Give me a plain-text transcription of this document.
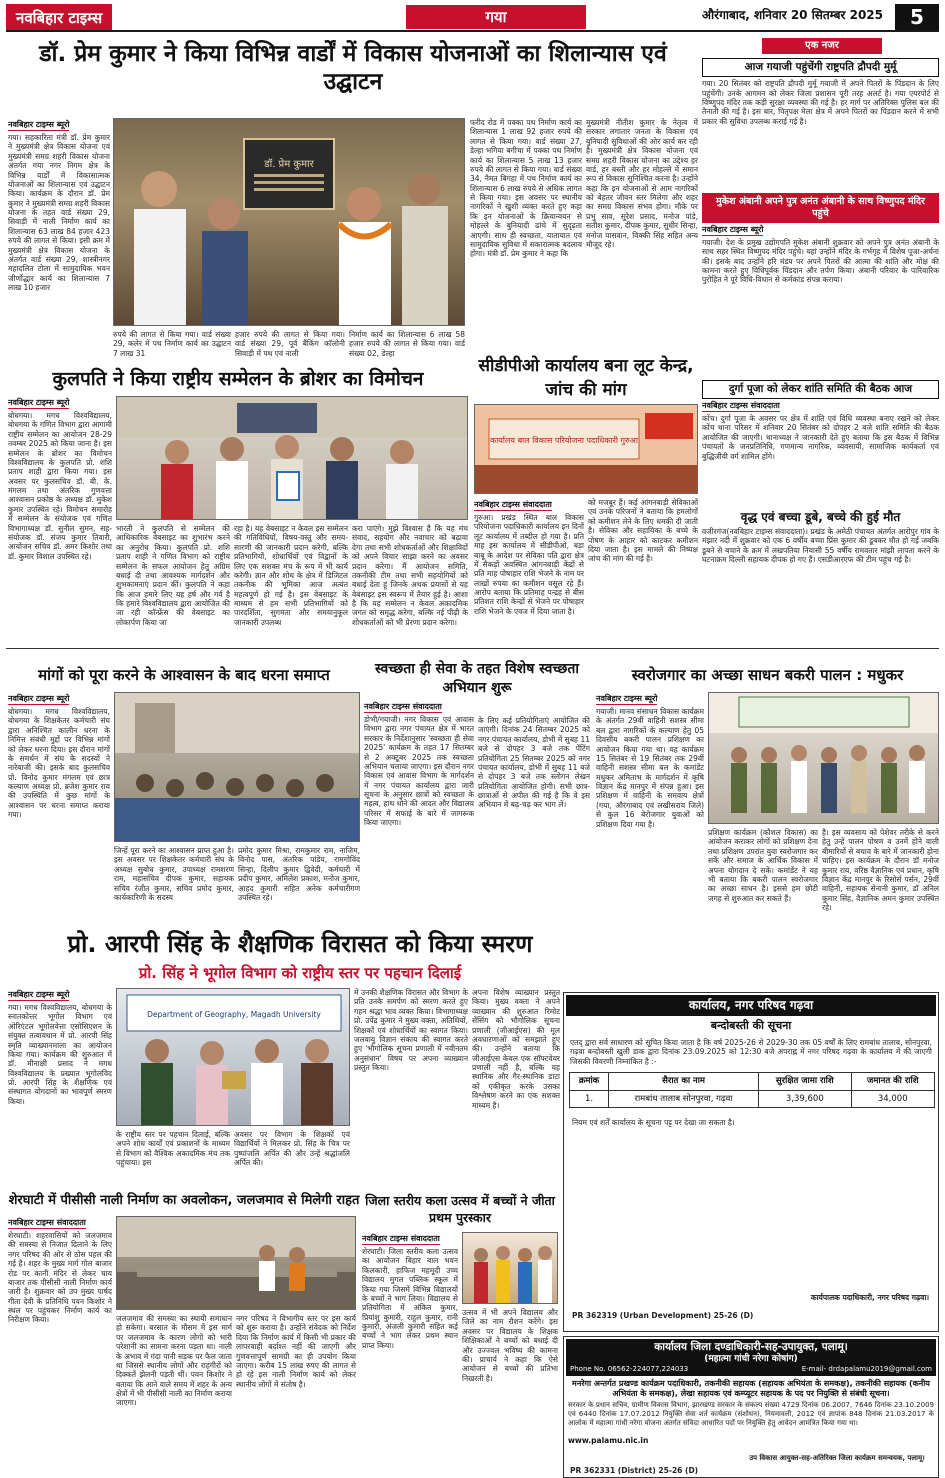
नवबिहार टाइम्स	गया	औरंगाबाद, शनिवार 20 सितम्बर 2025	5
डॉ. प्रेम कुमार ने किया विभिन्न वार्डों में विकास योजनाओं का शिलान्यास एवं उद्घाटन
नवबिहार टाइम्स ब्यूरो
गया। सहकारिता मंत्री डॉ. प्रेम कुमार ने मुख्यमंत्री क्षेत्र विकास योजना एवं मुख्यमंत्री समग्र शहरी विकास योजना अंतर्गत गया नगर निगम क्षेत्र के विभिन्न वार्डों में विकासात्मक योजनाओं का शिलान्यास एवं उद्घाटन किया। कार्यक्रम के दौरान डॉ. प्रेम कुमार ने मुख्यमंत्री समग्र शहरी विकास योजना के तहत वार्ड संख्या 29, सिवाड़ी में नाली निर्माण कार्य का शिलान्यास 63 लाख 84 हजार 423 रुपये की लागत से किया। इसी क्रम में मुख्यमंत्री क्षेत्र विकास योजना के अंतर्गत वार्ड संख्या 29, शास्त्रीनगर महादलित टोला में सामुदायिक भवन जीर्णोद्धार कार्य का शिलान्यास 7 लाख 10 हजार
डॉ. प्रेम कुमार
रुपये की लागत से किया गया। वार्ड संख्या 29, कलेर में पथ निर्माण कार्य का उद्घाटन 7 लाख 31
हजार रुपये की लागत से किया गया। वार्ड संख्या 29, पूर्व बैंकिंग कॉलोनी सिवाड़ी में पथ एवं नाली
निर्माण कार्य का शिलान्यास 6 लाख 58 हजार रुपये की लागत से किया गया। वार्ड संख्या 02, डेल्हा
फरीद रोड में पक्का पथ निर्माण कार्य का शिलान्यास 1 लाख 92 हजार रुपये की लागत से किया गया। वार्ड संख्या 27, डेल्हा भगिया बगीचा में पक्का पथ निर्माण कार्य का शिलान्यास 5 लाख 13 हजार रुपये की लागत से किया गया। वार्ड संख्या 34, नैमत बिगहा में पथ निर्माण कार्य का शिलान्यास 6 लाख रुपये से अधिक लागत से किया गया। इस अवसर पर स्थानीय नागरिकों ने खुशी व्यक्त करते हुए कहा कि इन योजनाओं के क्रियान्वयन से मोहल्ले के बुनियादी ढांचे में सुदृढ़ता आएगी। साथ ही स्वच्छता, यातायात एवं सामुदायिक सुविधा में सकारात्मक बदलाव होगा। मंत्री डॉ. प्रेम कुमार ने कहा कि
मुख्यमंत्री नीतीश कुमार के नेतृत्व में सरकार लगातार जनता के विकास एवं बुनियादी सुविधाओं की ओर कार्य कर रही है। मुख्यमंत्री क्षेत्र विकास योजना एवं समग्र शहरी विकास योजना का उद्देश्य हर वार्ड, हर बस्ती और हर मोहल्ले में समान रूप से विकास सुनिश्चित करना है। उन्होंने कहा कि इन योजनाओं से आम नागरिकों को बेहतर जीवन स्तर मिलेगा और शहर का समग्र विकास संभव होगा। मौके पर प्रभु साव, सुरेश प्रसाद, मनोज पांडे, सतीश कुमार, दीपक कुमार, सुधीर सिन्हा, मनोज पासवान, विक्की सिंह सहित अन्य मौजूद रहे।
कुलपति ने किया राष्ट्रीय सम्मेलन के ब्रोशर का विमोचन
नवबिहार टाइम्स ब्यूरो
बोधगया। मगध विश्वविद्यालय, बोधगया के गणित विभाग द्वारा आगामी राष्ट्रीय सम्मेलन का आयोजन 28-29 नवम्बर 2025 को किया जाना है। इस सम्मेलन के ब्रोशर का विमोचन विश्वविद्यालय के कुलपति प्रो. शशि प्रताप शाही द्वारा किया गया। इस अवसर पर कुलसचिव डॉ. बी. के. मंगलम तथा अंतरिक गुणवत्ता आश्वासन प्रकोष्ठ के अध्यक्ष डॉ. मुकेश कुमार उपस्थित रहे। विमोचन समारोह में सम्मेलन के संयोजक एवं गणित विभागाध्यक्ष डॉ. सुनील सुमन, सह-संयोजक डॉ. संजय कुमार तिवारी, आयोजन सचिव डॉ. अमर किशोर तथा डॉ. कुमार विशाल उपस्थित रहे।
भारती ने कुलपति से सम्मेलन की आधिकारिक वेबसाइट का शुभारंभ करने का अनुरोध किया। कुलपति प्रो. शशि प्रताप शाही ने गणित विभाग को राष्ट्रीय सम्मेलन के सफल आयोजन हेतु अग्रिम बधाई दी तथा आवश्यक मार्गदर्शन और शुभकामनाएं प्रदान कीं। कुलपति ने कहा कि आज हमारे लिए यह हर्ष और गर्व है कि हमारे विश्वविद्यालय द्वारा आयोजित की जा रही कॉन्फ्रेंस की वेबसाइट का लोकार्पण किया जा
रहा है। यह वेबसाइट न केवल इस सम्मेलन की गतिविधियों, विषय-वस्तु और समय-सारणी की जानकारी प्रदान करेगी, बल्कि प्रतिभागियों, शोधार्थियों एवं विद्वानों के लिए एक सशक्त मंच के रूप में भी कार्य करेगी। ज्ञान और शोध के क्षेत्र में डिजिटल तकनीक की भूमिका आज अत्यंत महत्वपूर्ण हो गई है। इस वेबसाइट के माध्यम से हम सभी प्रतिभागियों को पारदर्शिता, सुगमता और समयानुकूल जानकारी उपलब्ध
करा पाएंगे। मुझे विश्वास है कि यह मंच संवाद, सहयोग और नवाचार को बढ़ावा देगा तथा सभी शोधकर्ताओं और शिक्षाविदों को अपने विचार साझा करने का अवसर प्रदान करेगा। मैं आयोजन समिति, तकनीकी टीम तथा सभी सहयोगियों को बधाई देता हूं जिनके अथक प्रयासों से यह वेबसाइट इस स्वरूप में तैयार हुई है। आशा है कि यह सम्मेलन न केवल अकादमिक जगत को समृद्ध करेगा, बल्कि नई पीढ़ी के शोधकर्ताओं को भी प्रेरणा प्रदान करेगा।
सीडीपीओ कार्यालय बना लूट केन्द्र, जांच की मांग
कार्यालय बाल विकास परियोजना पदाधिकारी गुरुआ
नवबिहार टाइम्स संवाददाता
गुरुआ। प्रखंड स्थित बाल विकास परियोजना पदाधिकारी कार्यालय इन दिनों लूट कार्यालय में तब्दील हो गया है। प्रति माह इस कार्यालय में सीडीपीओ, बड़ा बाबू के आदेश पर सेविका पति द्वारा क्षेत्र में सैकड़ों अवस्थित आंगनबाड़ी केंद्रों से प्रति माह पोषाहार राशि भेजने के नाम पर लाखों रुपया का कमीशन वसूल रहे हैं। आरोप बताया कि प्रतिमाह पन्द्रह से बीस प्रतिशत राशि केन्द्रों से भेजने पर पोषाहार राशि भेजने के एवज में दिया जाता है।
को मजबूर हैं। कई आंगनबाड़ी सेविकाओं एवं उनके परिजनों ने बताया कि हमलोगों को कमीशन लेने के लिए धमकी दी जाती है। सेविका और सहायिका के बच्चे के पोषण के आहार को काटकर कमीशन दिया जाता है। इस मामले की निष्पक्ष जांच की मांग की गई है।
एक नजर
आज गयाजी पहुंचेंगी राष्ट्रपति द्रौपदी मुर्मू
गया। 20 सितंबर को राष्ट्रपति द्रौपदी मुर्मू गयाजी में अपने पितरों के पिंडदान के लिए पहुंचेंगी। उनके आगमन को लेकर जिला प्रशासन पूरी तरह अलर्ट है। गया एयरपोर्ट से विष्णुपद मंदिर तक कड़ी सुरक्षा व्यवस्था की गई है। हर मार्ग पर अतिरिक्त पुलिस बल की तैनाती की गई है। इस बार, पितृपक्ष मेला क्षेत्र में अपने पितरों का पिंडदान करने में सभी प्रकार की सुविधा उपलब्ध कराई गई है।
मुकेश अंबानी अपने पुत्र अनंत अंबानी के साथ विष्णुपद मंदिर पहुंचे
नवबिहार टाइम्स ब्यूरो
गयाजी। देश के प्रमुख उद्योगपति मुकेश अंबानी शुक्रवार को अपने पुत्र अनंत अंबानी के साथ सहर स्थित विष्णुपद मंदिर पहुंचे। यहां उन्होंने मंदिर के गर्भगृह में विशेष पूजा-अर्चना की। इसके बाद उन्होंने हरि मंडप पर अपने पितरों की आत्मा की शांति और मोक्ष की कामना करते हुए विधिपूर्वक पिंडदान और तर्पण किया। अंबानी परिवार के पारिवारिक पुरोहित ने पूरे विधि-विधान से कर्मकांड संपन्न कराया।
दुर्गा पूजा को लेकर शांति समिति की बैठक आज
नवबिहार टाइम्स संवाददाता
कोंच। दुर्गा पूजा के अवसर पर क्षेत्र में शांति एवं विधि व्यवस्था बनाए रखने को लेकर कोंच थाना परिसर में शनिवार 20 सितंबर को दोपहर 2 बजे शांति समिति की बैठक आयोजित की जाएगी। थानाध्यक्ष ने जानकारी देते हुए बताया कि इस बैठक में विभिन्न पंचायतों के जनप्रतिनिधि, गणमान्य नागरिक, व्यवसायी, सामाजिक कार्यकर्ता एवं बुद्धिजीवी वर्ग शामिल होंगे।
वृद्ध एवं बच्चा डूबे, बच्चे की हुई मौत
वजीरगंज(नवबिहार टाइम्स संवाददाता)। प्रखंड के अमेठी पंचायत अंतर्गत आरोपुर गांव के मंझार नदी में शुक्रवार को एक 6 वर्षीय बच्चा प्रिंस कुमार की डूबकर मौत हो गई जबकि डूबने से बचाने के क्रम में लखपतिया नियासी 55 वर्षीय रामवतार मांझी लापता करने के घटनाक्रम दिल्ली सहायक दीपक हो गए हैं। एसडीआरएफ की टीम पहुंच गई है।
मांगों को पूरा करने के आश्वासन के बाद धरना समाप्त
नवबिहार टाइम्स ब्यूरो
बोधगया। मगध विश्वविद्यालय, बोधगया के शिक्षकेतर कर्मचारी संघ द्वारा अनिश्चित कालीन धरना के निमित्त संबंधी मुद्दों पर विभिन्न मांगों को लेकर धरना दिया। इस दौरान मांगों के समर्थन में संघ के सदस्यों ने नारेबाजी की। इसके बाद कुलसचिव प्रो. विनोद कुमार मंगलम एवं छात्र कल्याण अध्यक्ष प्रो. ब्रजेश कुमार राय की उपस्थिति में कुछ मांगों के आश्वासन पर धरना समाप्त कराया गया।
जिन्हें पूरा करने का आश्वासन प्राप्त हुआ है। इस अवसर पर शिक्षकेतर कर्मचारी संघ के अध्यक्ष सुबोध कुमार, उपाध्यक्ष रामशरण राम, महासचिव दीपक कुमार, सहायक सचिव रंजीत कुमार, सचिव प्रमोद कुमार, कार्यकारिणी के सदस्य
प्रमोद कुमार मिश्रा, रामकुमार राम, नाजिम, विनोद पास, अंतरिक पांडेय, रामगोविंद सिन्हा, दिलीप कुमार द्विवेदी, कर्मचारी में प्रदीप कुमार, अमिलेश प्रकाश, मनोज कुमार, आहद कुमारी सहित अनेक कर्मचारीगण उपस्थित रहे।
स्वच्छता ही सेवा के तहत विशेष स्वच्छता अभियान शुरू
नवबिहार टाइम्स संवाददाता
डोभी/गयाजी। नगर विकास एवं आवास विभाग द्वारा नगर पंचायत क्षेत्र में भारत सरकार के निर्देशानुसार 'स्वच्छता ही सेवा 2025' कार्यक्रम के तहत 17 सितम्बर से 2 अक्टूबर 2025 तक स्वच्छता अभियान चलाया जाएगा। इस दौरान नगर विकास एवं आवास विभाग के मार्गदर्शन में नगर पंचायत कार्यालय द्वारा जारी सूचना के अनुसार छात्रों को स्वच्छता के महत्व, हाथ धोने की आदत और विद्यालय परिसर में सफाई के बारे में जागरूक किया जाएगा।
के लिए कई प्रतियोगिताएं आयोजित की जाएंगी। दिनांक 24 सितम्बर 2025 को नगर पंचायत कार्यालय, डोभी में सुबह 11 बजे से दोपहर 3 बजे तक पेंटिंग प्रतियोगिता 25 सितम्बर 2025 को नगर पंचायत कार्यालय, डोभी में सुबह 11 बजे से दोपहर 3 बजे तक स्लोगन लेखन प्रतियोगिता आयोजित होगी। सभी छात्र-छात्राओं से अपील की गई है कि वे इस अभियान में बढ़-चढ़ कर भाग लें।
स्वरोजगार का अच्छा साधन बकरी पालन : मधुकर
नवबिहार टाइम्स ब्यूरो
गयाजी। मानव संसाधन विकास कार्यक्रम के अंतर्गत 29वीं वाहिनी सशस्त्र सीमा बल द्वारा नागरिकों के कल्याण हेतु 05 दिवसीय बकरी पालन प्रशिक्षण का आयोजन किया गया था। यह कार्यक्रम 15 सितंबर से 19 सितंबर तक 29वीं वाहिनी सशस्त्र सीमा बल के कमांडेंट मधुकर अमिताभ के मार्गदर्शन में कृषि विज्ञान केंद्र मानपुर में संपन्न हुआ। इस प्रशिक्षण में वाहिनी के समवाय क्षेत्रों (गया, औरंगाबाद एवं लखीसराय जिले) से कुल 16 बेरोजगार युवाओं को प्रशिक्षण दिया गया है।
प्रशिक्षण कार्यक्रम (कौशल विकास) का आयोजन कराकर लोगों को प्रशिक्षण देना तथा प्रशिक्षण उपरांत युवा स्वरोजगार कर सकें और समाज के आर्थिक विकास में अपना योगदान दे सकें। कमांडेंट ने यह भी बताया कि बकरी पालन स्वरोजगार का अच्छा साधन है। इससे हम छोटी जगह से शुरुआत कर सकते हैं।
है। इस व्यवसाय को पेशेवर तरीके से करने हेतु उन्हें पालन पोषण व उनमें होने वाली बीमारियों से बचाव के बारे में जानकारी होना चाहिए। इस कार्यक्रम के दौरान डॉ मनोज कुमार राय, वरिष्ठ वैज्ञानिक एवं प्रधान, कृषि विज्ञान केंद्र मानपुर के रिसोर्स पर्सन, 29वीं वाहिनी, सहायक सेनानी कुमार, डॉ अनिल कुमार सिंह, वैज्ञानिक अमन कुमार उपस्थित रहे।
प्रो. आरपी सिंह के शैक्षणिक विरासत को किया स्मरण
प्रो. सिंह ने भूगोल विभाग को राष्ट्रीय स्तर पर पहचान दिलाई
नवबिहार टाइम्स ब्यूरो
गया। मगध विश्वविद्यालय, बोधगया के स्नातकोत्तर भूगोल विभाग एवं ओरिएंटल भूगोलवेत्ता एसोसिएशन के संयुक्त तत्वावधान में प्रो. आरपी सिंह स्मृति व्याख्यानमाला का आयोजन किया गया। कार्यक्रम की शुरुआत में डॉ. मीनाक्षी प्रसाद ने मगध विश्वविद्यालय के प्रख्यात भूगोलविद प्रो. आरपी सिंह के शैक्षणिक एवं संस्थागत योगदानों का भावपूर्ण स्मरण किया।
Department of Geography, Magadh University
के राष्ट्रीय स्तर पर पहचान दिलाई, बल्कि अपने शोध कार्यों एवं प्रकाशनों के माध्यम से विभाग को वैश्विक अकादमिक मंच तक पहुंचाया। इस
अवसर पर विभाग के शिक्षकों एवं विद्यार्थियों ने मिलकर प्रो. सिंह के चित्र पर पुष्पांजलि अर्पित की और उन्हें श्रद्धांजलि अर्पित की।
में उनकी शैक्षणिक विरासत और विभाग के प्रति उनके समर्पण को स्मरण करते हुए गहन श्रद्धा भाव व्यक्त किया। विभागाध्यक्ष प्रो. उपेंद्र कुमार ने मुख्य वक्ता, अतिथियों, शिक्षकों एवं शोधार्थियों का स्वागत किया। जलवायु विज्ञान संकाय की स्वागत करते हुए 'भौगोलिक सूचना प्रणाली में नवीनतम अनुसंधान' विषय पर अपना व्याख्यान प्रस्तुत किया।
अपना विशेष व्याख्यान प्रस्तुत किया। मुख्य वक्ता ने अपने व्याख्यान की शुरुआत रिमोट सेंसिंग को भौगोलिक सूचना प्रणाली (जीआईएस) की मूल अवधारणाओं को समझाते हुए की। उन्होंने बताया कि जीआईएस केवल एक सॉफ्टवेयर प्रणाली नहीं है, बल्कि यह स्थानिक और गैर-स्थानिक डाटा को एकीकृत करके उसका विश्लेषण करने का एक सशक्त माध्यम है।
शेरघाटी में पीसीसी नाली निर्माण का अवलोकन, जलजमाव से मिलेगी राहत
नवबिहार टाइम्स संवाददाता
शेरघाटी। शहरवासियों को जलजमाव की समस्या से निजात दिलाने के लिए नगर परिषद की ओर से ठोस पहल की गई है। शहर के मुख्य मार्ग गोल बाजार रोड पर कानी मंदिर से लेकर चाय बाजार तक पीसीसी नाली निर्माण कार्य जारी है। शुक्रवार को उप मुख्य पार्षद गीता देवी के प्रतिनिधि पवन किशोर ने स्थल पर पहुंचकर निर्माण कार्य का निरीक्षण किया।	जलजमाव की समस्या का स्थायी समाधान हो सकेगा। बरसात के मौसम में इस मार्ग पर जलजमाव के कारण लोगों को भारी परेशानी का सामना करना पड़ता था। नाली के अभाव में गंदा पानी सड़क पर फैल जाता था जिससे स्थानीय लोगों और राहगीरों को दिक्कतें झेलनी पड़ती थीं। पवन किशोर ने बताया कि आने वाले समय में शहर के अन्य क्षेत्रों में भी पीसीसी नाली का निर्माण कराया जाएगा।
नगर परिषद ने विभागीय स्तर पर इस कार्य को शुरू कराया है। उन्होंने संवेदक को निर्देश दिया कि निर्माण कार्य में किसी भी प्रकार की लापरवाही बर्दाश्त नहीं की जाएगी और गुणवत्तापूर्ण सामग्री का ही उपयोग किया जाएगा। करीब 15 लाख रुपए की लागत से हो रहे इस नाली निर्माण कार्य को लेकर स्थानीय लोगों में संतोष है।
जिला स्तरीय कला उत्सव में बच्चों ने जीता प्रथम पुरस्कार
नवबिहार टाइम्स संवाददाता
शेरघाटी। जिला स्तरीय कला उत्सव का आयोजन बिहार बाल भवन किलकारी, हाफिज महमूदी उच्च विद्यालय मुगल पब्लिक स्कूल में किया गया जिसमें विभिन्न विद्यालयों के बच्चों ने भाग लिया। विद्यालय से प्रतियोगिता में अंकित कुमार, प्रियांशु कुमारी, राहुल कुमार, रानी कुमारी, अंजली कुमारी सहित कई बच्चों ने भाग लेकर प्रथम स्थान प्राप्त किया।
उत्सव में भी अपने विद्यालय और जिले का नाम रौशन करेंगे। इस अवसर पर विद्यालय के शिक्षक शिक्षिकाओं ने बच्चों को बधाई दी और उज्ज्वल भविष्य की कामना की। प्राचार्य ने कहा कि ऐसे आयोजन से बच्चों की प्रतिभा निखरती है।
कार्यालय, नगर परिषद गढ़वा
बन्दोबस्ती की सूचना
एतद् द्वारा सर्व साधारण को सूचित किया जाता है कि वर्ष 2025-26 से 2029-30 तक 05 वर्षों के लिए रामबांध तालाब, सोनपुरवा, गढ़वा बन्दोबस्ती खुली डाक द्वारा दिनांक 23.09.2025 को 12:30 बजे अपराह्न में नगर परिषद गढ़वा के कार्यालय में की जाएगी जिसकी विवरणी निम्नांकित है :-
क्रमांक	सैरात का नाम	सुरक्षित जामा राशि	जमानत की राशि
1.	रामबांध तालाब सोनपुरवा, गढ़वा	3,39,600	34,000
नियम एवं शर्तें कार्यालय के सूचना पट्ट पर देखा जा सकता है।
कार्यपालक पदाधिकारी, नगर परिषद गढ़वा।
PR 362319 (Urban Development) 25-26 (D)
कार्यालय जिला दण्डाधिकारी-सह-उपायुक्त, पलामू।
(महात्मा गांधी नरेगा कोषांग)
Phone No. 06562-224077,224033	E-mail- drdapalamu2019@gmail.com
मनरेगा अन्तर्गत प्रखण्ड कार्यक्रम पदाधिकारी, तकनीकी सहायक (सहायक अभियंता के समकक्ष), तकनीकी सहायक (कनीय अभियंता के समकक्ष), लेखा सहायक एवं कम्प्यूटर सहायक के पद पर नियुक्ति से संबंधी सूचना।
सरकार के प्रधान सचिव, ग्रामीण विकास विभाग, झारखण्ड सरकार के संकल्प संख्या 4729 दिनांक 06.2007, 7646 दिनांक 23.10.2009 एवं 6440 दिनांक 17.07.2012 नियुक्ति सेवा शर्त कार्यक्रम (संशोधन), नियमावली, 2012 एवं ज्ञापांक 848 दिनांक 21.03.2017 के आलोक में महात्मा गांधी नरेगा योजना अंतर्गत संविदा आधारित पदों पर नियुक्ति हेतु आवेदन आमंत्रित किया गया था।
www.palamu.nic.in
उप विकास आयुक्त-सह-अतिरिक्त जिला कार्यक्रम समन्वयक, पलामू।
PR 362331 (District) 25-26 (D)
